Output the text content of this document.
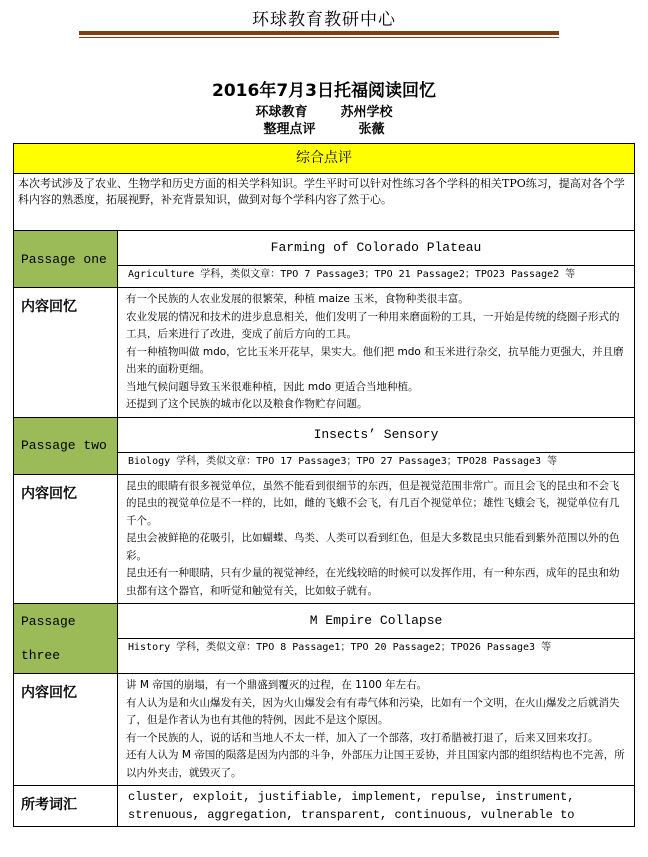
环球教育教研中心
2016年7月3日托福阅读回忆
环球教育	苏州学校
整理点评	张薇
综合点评	
本次考试涉及了农业、生物学和历史方面的相关学科知识。学生平时可以针对性练习各个学科的相关TPO练习，提高对各个学科内容的熟悉度，拓展视野，补充背景知识，做到对每个学科内容了然于心。	
Passage one	Farming of Colorado Plateau
	Agriculture 学科，类似文章：TPO 7 Passage3；TPO 21 Passage2；TPO23 Passage2 等
内容回忆	有一个民族的人农业发展的很繁荣，种植 maize 玉米，食物种类很丰富。

农业发展的情况和技术的进步息息相关，他们发明了一种用来磨面粉的工具，一开始是传统的绕圈子形式的工具，后来进行了改进，变成了前后方向的工具。

有一种植物叫做 mdo，它比玉米开花早，果实大。他们把 mdo 和玉米进行杂交，抗旱能力更强大，并且磨出来的面粉更细。

当地气候问题导致玉米很难种植，因此 mdo 更适合当地种植。

还提到了这个民族的城市化以及粮食作物贮存问题。

Passage two	Insects’ Sensory
	Biology 学科，类似文章：TPO 17 Passage3；TPO 27 Passage3；TPO28 Passage3 等
内容回忆	昆虫的眼睛有很多视觉单位，虽然不能看到很细节的东西，但是视觉范围非常广。而且会飞的昆虫和不会飞的昆虫的视觉单位是不一样的，比如，雌的飞蛾不会飞，有几百个视觉单位；雄性飞蛾会飞，视觉单位有几千个。

昆虫会被鲜艳的花吸引，比如蝴蝶、鸟类、人类可以看到红色，但是大多数昆虫只能看到紫外范围以外的色彩。

昆虫还有一种眼睛，只有少量的视觉神经，在光线较暗的时候可以发挥作用，有一种东西，成年的昆虫和幼虫都有这个器官，和听觉和触觉有关，比如蚊子就有。

Passage
three	M Empire Collapse
	History 学科，类似文章：TPO 8 Passage1；TPO 20 Passage2；TPO26 Passage3 等
内容回忆	讲 M 帝国的崩塌，有一个鼎盛到覆灭的过程，在 1100 年左右。

有人认为是和火山爆发有关，因为火山爆发会有有毒气体和污染，比如有一个文明，在火山爆发之后就消失了，但是作者认为也有其他的特例，因此不是这个原因。

有一个民族的人，说的话和当地人不太一样，加入了一个部落，攻打希腊被打退了，后来又回来攻打。

还有人认为 M 帝国的陨落是因为内部的斗争，外部压力让国王妥协，并且国家内部的组织结构也不完善，所以内外夹击，就毁灭了。

所考词汇	cluster, exploit, justifiable, implement, repulse, instrument, strenuous, aggregation, transparent, continuous, vulnerable to
